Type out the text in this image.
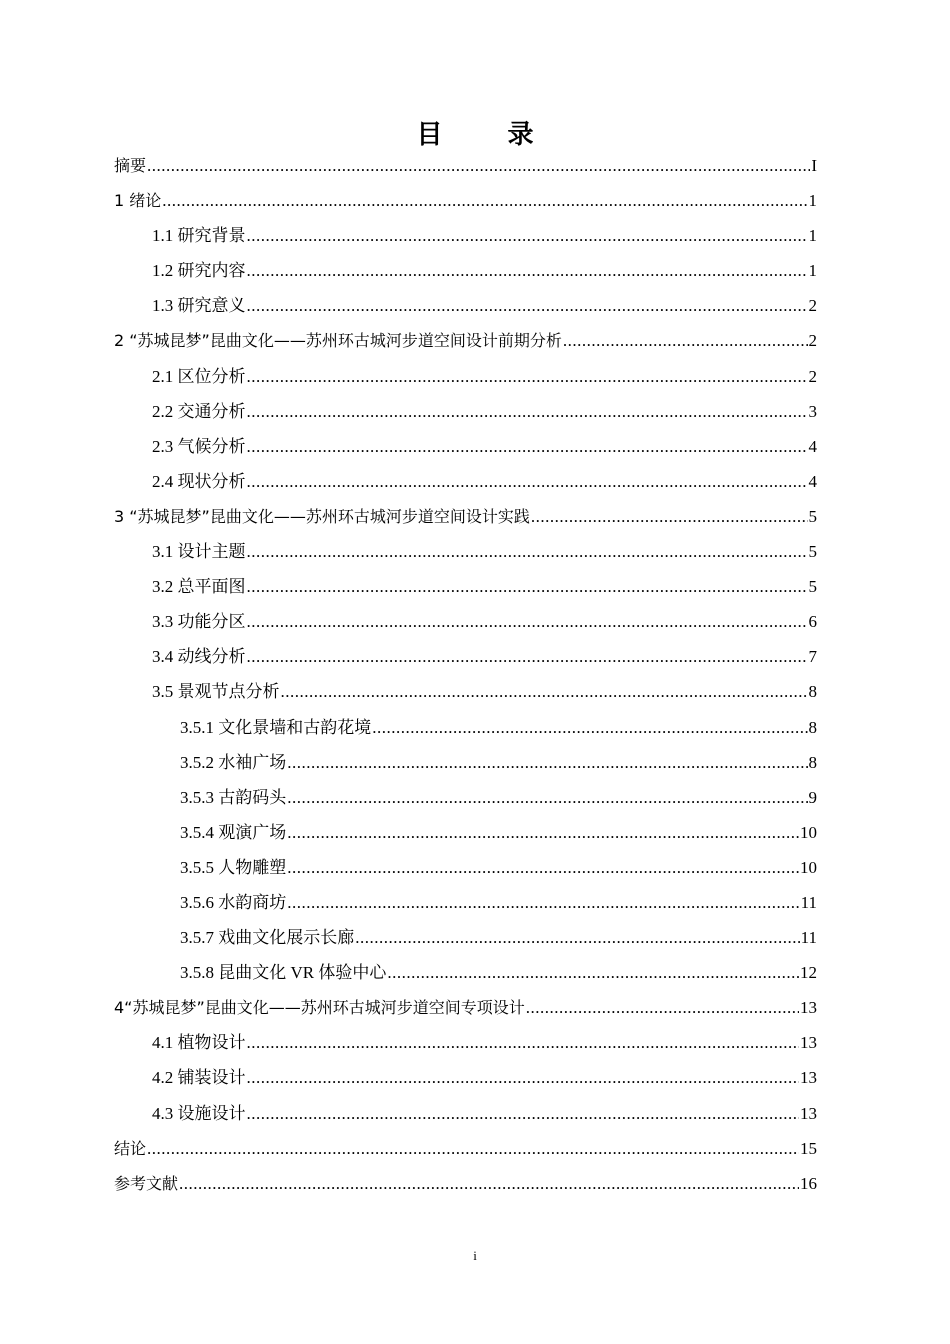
目 录
摘要 .....	I
1 绪论 .....	1
1.1 研究背景 .....	1
1.2 研究内容 .....	1
1.3 研究意义 .....	2
2 “苏城昆梦”昆曲文化——苏州环古城河步道空间设计前期分析 .....	2
2.1 区位分析 .....	2
2.2 交通分析 .....	3
2.3 气候分析 .....	4
2.4 现状分析 .....	4
3 “苏城昆梦”昆曲文化——苏州环古城河步道空间设计实践 .....	5
3.1 设计主题 .....	5
3.2 总平面图 .....	5
3.3 功能分区 .....	6
3.4 动线分析 .....	7
3.5 景观节点分析 .....	8
3.5.1 文化景墙和古韵花境 .....	8
3.5.2 水袖广场 .....	8
3.5.3 古韵码头 .....	9
3.5.4 观演广场 .....	10
3.5.5 人物雕塑 .....	10
3.5.6 水韵商坊 .....	11
3.5.7 戏曲文化展示长廊 .....	11
3.5.8 昆曲文化 VR 体验中心 .....	12
4“苏城昆梦”昆曲文化——苏州环古城河步道空间专项设计 .....	13
4.1 植物设计 .....	13
4.2 铺装设计 .....	13
4.3 设施设计 .....	13
结论 .....	15
参考文献 .....	16
i
